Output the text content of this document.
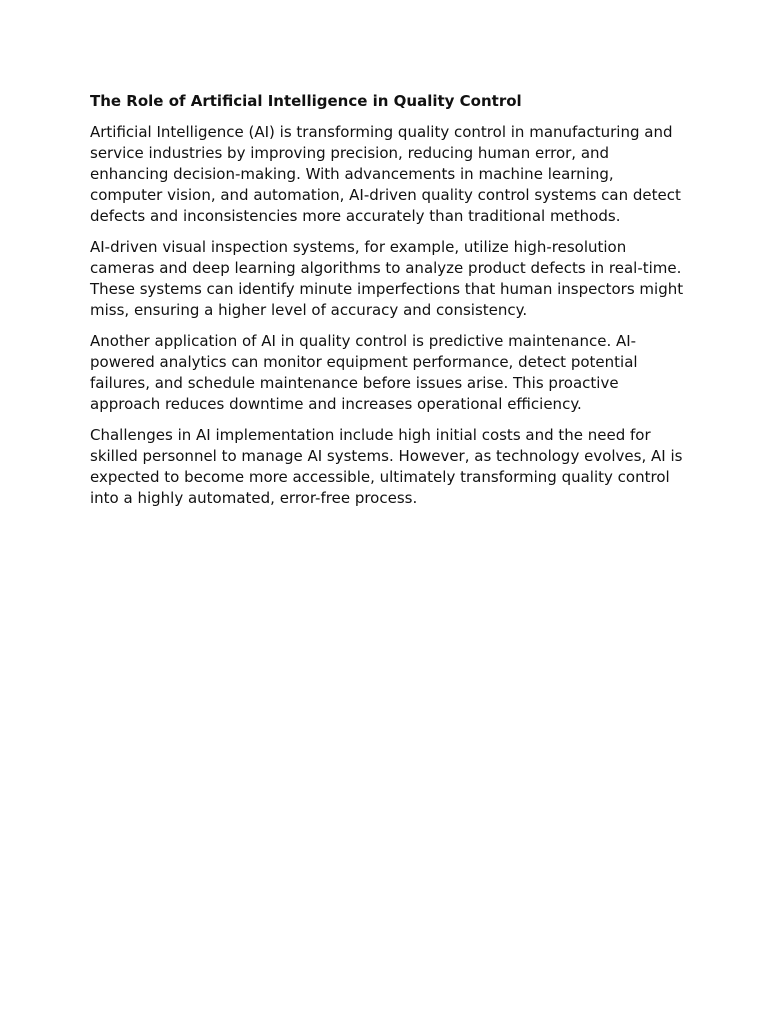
The Role of Artificial Intelligence in Quality Control

Artificial Intelligence (AI) is transforming quality control in manufacturing and service industries by improving precision, reducing human error, and enhancing decision-making. With advancements in machine learning, computer vision, and automation, AI-driven quality control systems can detect defects and inconsistencies more accurately than traditional methods.

AI-driven visual inspection systems, for example, utilize high-resolution cameras and deep learning algorithms to analyze product defects in real-time. These systems can identify minute imperfections that human inspectors might miss, ensuring a higher level of accuracy and consistency.

Another application of AI in quality control is predictive maintenance. AI-powered analytics can monitor equipment performance, detect potential failures, and schedule maintenance before issues arise. This proactive approach reduces downtime and increases operational efficiency.

Challenges in AI implementation include high initial costs and the need for skilled personnel to manage AI systems. However, as technology evolves, AI is expected to become more accessible, ultimately transforming quality control into a highly automated, error-free process.
